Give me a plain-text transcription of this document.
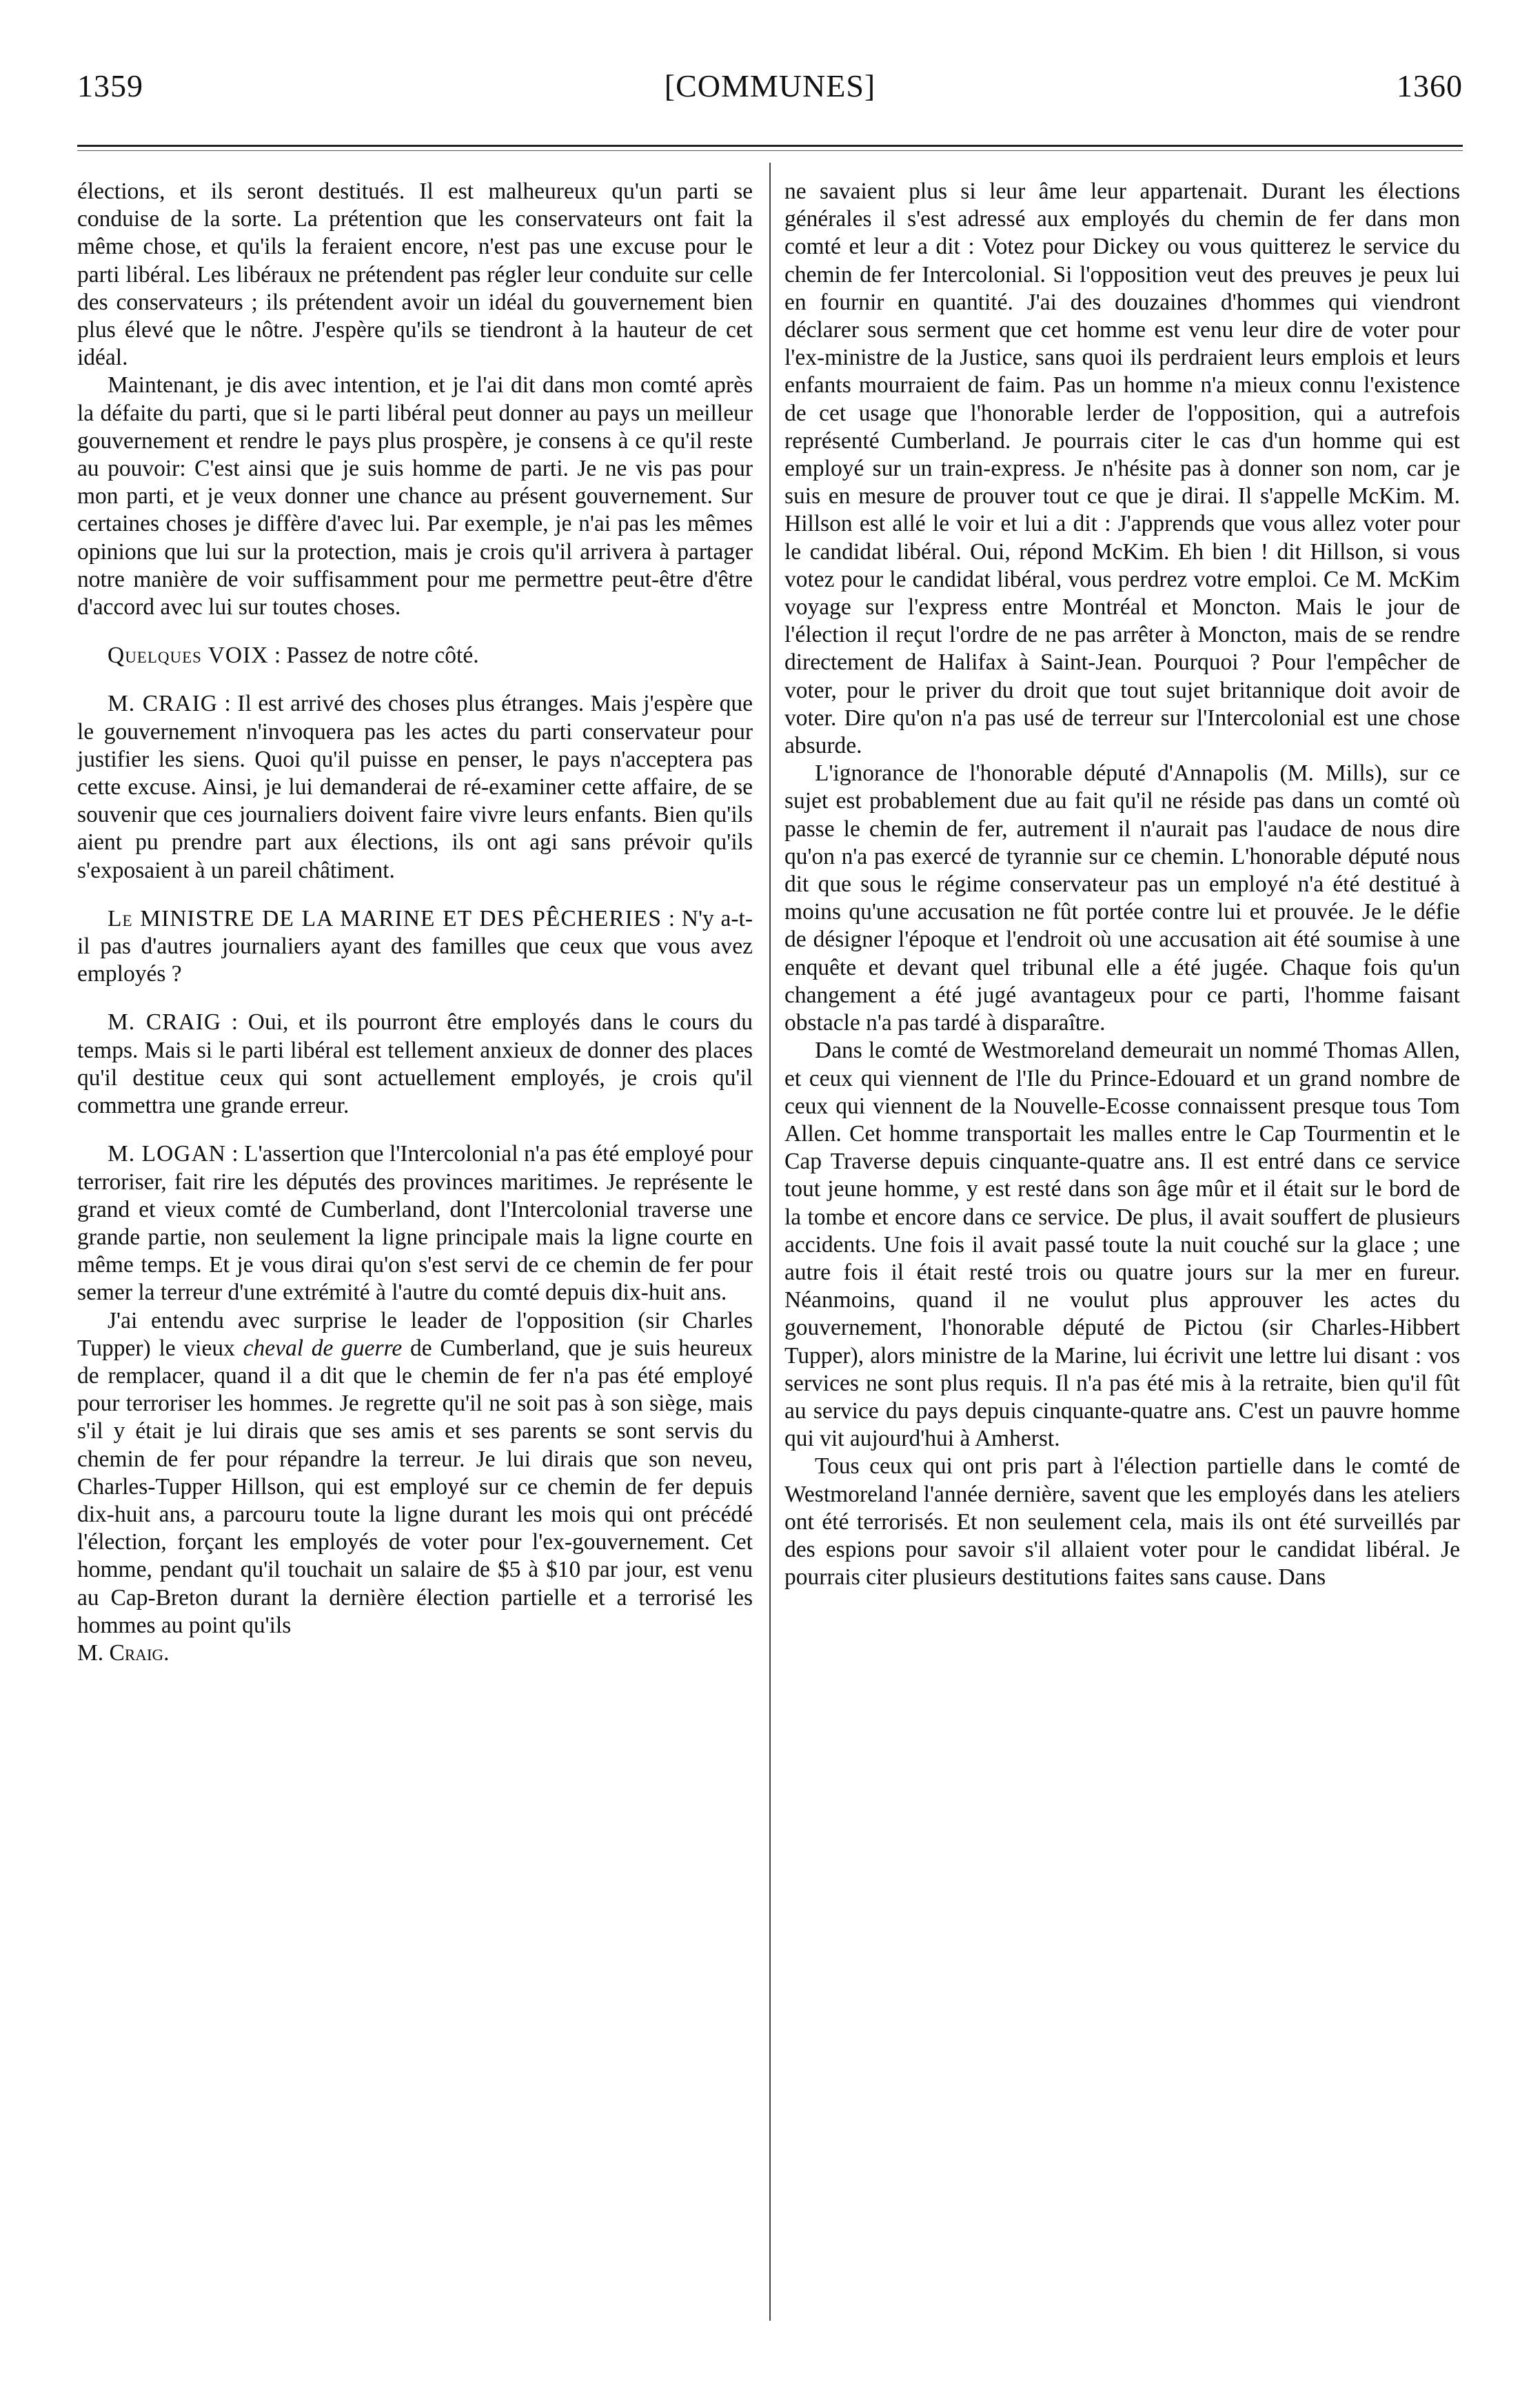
1359	[COMMUNES]	1360

élections, et ils seront destitués. Il est malheureux qu'un parti se conduise de la sorte. La prétention que les conservateurs ont fait la même chose, et qu'ils la feraient encore, n'est pas une excuse pour le parti libéral. Les libéraux ne prétendent pas régler leur conduite sur celle des conservateurs ; ils prétendent avoir un idéal du gouvernement bien plus élevé que le nôtre. J'espère qu'ils se tiendront à la hauteur de cet idéal.

Maintenant, je dis avec intention, et je l'ai dit dans mon comté après la défaite du parti, que si le parti libéral peut donner au pays un meilleur gouvernement et rendre le pays plus prospère, je consens à ce qu'il reste au pouvoir: C'est ainsi que je suis homme de parti. Je ne vis pas pour mon parti, et je veux donner une chance au présent gouvernement. Sur certaines choses je diffère d'avec lui. Par exemple, je n'ai pas les mêmes opinions que lui sur la protection, mais je crois qu'il arrivera à partager notre manière de voir suffisamment pour me permettre peut-être d'être d'accord avec lui sur toutes choses.

Quelques VOIX : Passez de notre côté.

M. CRAIG : Il est arrivé des choses plus étranges. Mais j'espère que le gouvernement n'invoquera pas les actes du parti conservateur pour justifier les siens. Quoi qu'il puisse en penser, le pays n'acceptera pas cette excuse. Ainsi, je lui demanderai de ré-examiner cette affaire, de se souvenir que ces journaliers doivent faire vivre leurs enfants. Bien qu'ils aient pu prendre part aux élections, ils ont agi sans prévoir qu'ils s'exposaient à un pareil châtiment.

Le MINISTRE DE LA MARINE ET DES PÊCHERIES : N'y a-t-il pas d'autres journaliers ayant des familles que ceux que vous avez employés ?

M. CRAIG : Oui, et ils pourront être employés dans le cours du temps. Mais si le parti libéral est tellement anxieux de donner des places qu'il destitue ceux qui sont actuellement employés, je crois qu'il commettra une grande erreur.

M. LOGAN : L'assertion que l'Intercolonial n'a pas été employé pour terroriser, fait rire les députés des provinces maritimes. Je représente le grand et vieux comté de Cumberland, dont l'Intercolonial traverse une grande partie, non seulement la ligne principale mais la ligne courte en même temps. Et je vous dirai qu'on s'est servi de ce chemin de fer pour semer la terreur d'une extrémité à l'autre du comté depuis dix-huit ans.

J'ai entendu avec surprise le leader de l'opposition (sir Charles Tupper) le vieux cheval de guerre de Cumberland, que je suis heureux de remplacer, quand il a dit que le chemin de fer n'a pas été employé pour terroriser les hommes. Je regrette qu'il ne soit pas à son siège, mais s'il y était je lui dirais que ses amis et ses parents se sont servis du chemin de fer pour répandre la terreur. Je lui dirais que son neveu, Charles-Tupper Hillson, qui est employé sur ce chemin de fer depuis dix-huit ans, a parcouru toute la ligne durant les mois qui ont précédé l'élection, forçant les employés de voter pour l'ex-gouvernement. Cet homme, pendant qu'il touchait un salaire de $5 à $10 par jour, est venu au Cap-Breton durant la dernière élection partielle et a terrorisé les hommes au point qu'ils

M. Craig.

ne savaient plus si leur âme leur appartenait. Durant les élections générales il s'est adressé aux employés du chemin de fer dans mon comté et leur a dit : Votez pour Dickey ou vous quitterez le service du chemin de fer Intercolonial. Si l'opposition veut des preuves je peux lui en fournir en quantité. J'ai des douzaines d'hommes qui viendront déclarer sous serment que cet homme est venu leur dire de voter pour l'ex-ministre de la Justice, sans quoi ils perdraient leurs emplois et leurs enfants mourraient de faim. Pas un homme n'a mieux connu l'existence de cet usage que l'honorable lerder de l'opposition, qui a autrefois représenté Cumberland. Je pourrais citer le cas d'un homme qui est employé sur un train-express. Je n'hésite pas à donner son nom, car je suis en mesure de prouver tout ce que je dirai. Il s'appelle McKim. M. Hillson est allé le voir et lui a dit : J'apprends que vous allez voter pour le candidat libéral. Oui, répond McKim. Eh bien ! dit Hillson, si vous votez pour le candidat libéral, vous perdrez votre emploi. Ce M. McKim voyage sur l'express entre Montréal et Moncton. Mais le jour de l'élection il reçut l'ordre de ne pas arrêter à Moncton, mais de se rendre directement de Halifax à Saint-Jean. Pourquoi ? Pour l'empêcher de voter, pour le priver du droit que tout sujet britannique doit avoir de voter. Dire qu'on n'a pas usé de terreur sur l'Intercolonial est une chose absurde.

L'ignorance de l'honorable député d'Annapolis (M. Mills), sur ce sujet est probablement due au fait qu'il ne réside pas dans un comté où passe le chemin de fer, autrement il n'aurait pas l'audace de nous dire qu'on n'a pas exercé de tyrannie sur ce chemin. L'honorable député nous dit que sous le régime conservateur pas un employé n'a été destitué à moins qu'une accusation ne fût portée contre lui et prouvée. Je le défie de désigner l'époque et l'endroit où une accusation ait été soumise à une enquête et devant quel tribunal elle a été jugée. Chaque fois qu'un changement a été jugé avantageux pour ce parti, l'homme faisant obstacle n'a pas tardé à disparaître.

Dans le comté de Westmoreland demeurait un nommé Thomas Allen, et ceux qui viennent de l'Ile du Prince-Edouard et un grand nombre de ceux qui viennent de la Nouvelle-Ecosse connaissent presque tous Tom Allen. Cet homme transportait les malles entre le Cap Tourmentin et le Cap Traverse depuis cinquante-quatre ans. Il est entré dans ce service tout jeune homme, y est resté dans son âge mûr et il était sur le bord de la tombe et encore dans ce service. De plus, il avait souffert de plusieurs accidents. Une fois il avait passé toute la nuit couché sur la glace ; une autre fois il était resté trois ou quatre jours sur la mer en fureur. Néanmoins, quand il ne voulut plus approuver les actes du gouvernement, l'honorable député de Pictou (sir Charles-Hibbert Tupper), alors ministre de la Marine, lui écrivit une lettre lui disant : vos services ne sont plus requis. Il n'a pas été mis à la retraite, bien qu'il fût au service du pays depuis cinquante-quatre ans. C'est un pauvre homme qui vit aujourd'hui à Amherst.

Tous ceux qui ont pris part à l'élection partielle dans le comté de Westmoreland l'année dernière, savent que les employés dans les ateliers ont été terrorisés. Et non seulement cela, mais ils ont été surveillés par des espions pour savoir s'il allaient voter pour le candidat libéral. Je pourrais citer plusieurs destitutions faites sans cause. Dans
